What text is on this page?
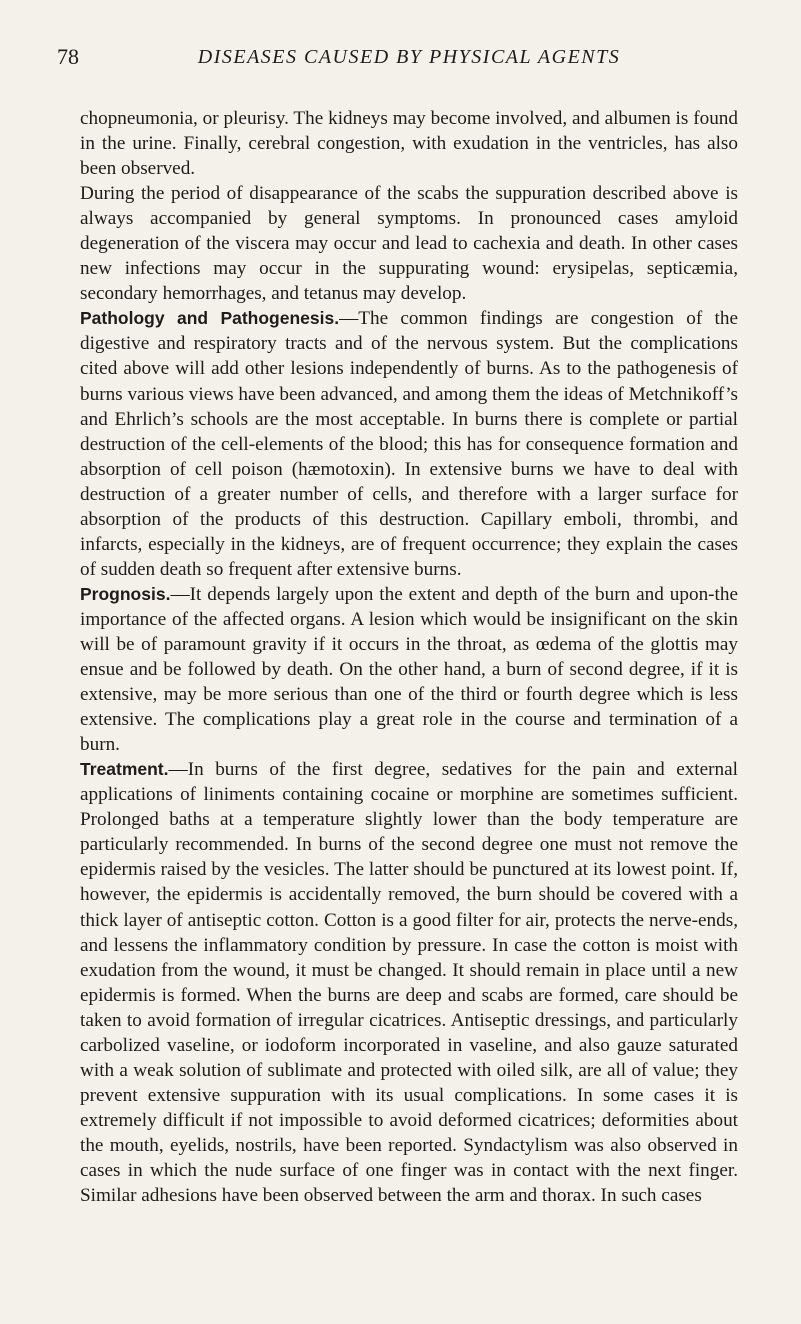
78	DISEASES CAUSED BY PHYSICAL AGENTS

chopneumonia, or pleurisy. The kidneys may become involved, and albumen is found in the urine. Finally, cerebral congestion, with exudation in the ventricles, has also been observed.

During the period of disappearance of the scabs the suppuration described above is always accompanied by general symptoms. In pronounced cases amyloid degeneration of the viscera may occur and lead to cachexia and death. In other cases new infections may occur in the suppurating wound: erysipelas, septicæmia, secondary hemorrhages, and tetanus may develop.

Pathology and Pathogenesis.—The common findings are congestion of the digestive and respiratory tracts and of the nervous system. But the complications cited above will add other lesions independently of burns. As to the pathogenesis of burns various views have been advanced, and among them the ideas of Metchnikoff’s and Ehrlich’s schools are the most acceptable. In burns there is complete or partial destruction of the cell-elements of the blood; this has for consequence formation and absorption of cell poison (hæmotoxin). In extensive burns we have to deal with destruction of a greater number of cells, and therefore with a larger surface for absorption of the products of this destruction. Capillary emboli, thrombi, and infarcts, especially in the kidneys, are of frequent occurrence; they explain the cases of sudden death so frequent after extensive burns.

Prognosis.—It depends largely upon the extent and depth of the burn and upon-the importance of the affected organs. A lesion which would be insignificant on the skin will be of paramount gravity if it occurs in the throat, as œdema of the glottis may ensue and be followed by death. On the other hand, a burn of second degree, if it is extensive, may be more serious than one of the third or fourth degree which is less extensive. The complications play a great role in the course and termination of a burn.

Treatment.—In burns of the first degree, sedatives for the pain and external applications of liniments containing cocaine or morphine are sometimes sufficient. Prolonged baths at a temperature slightly lower than the body temperature are particularly recommended. In burns of the second degree one must not remove the epidermis raised by the vesicles. The latter should be punctured at its lowest point. If, however, the epidermis is accidentally removed, the burn should be covered with a thick layer of antiseptic cotton. Cotton is a good filter for air, protects the nerve-ends, and lessens the inflammatory condition by pressure. In case the cotton is moist with exudation from the wound, it must be changed. It should remain in place until a new epidermis is formed. When the burns are deep and scabs are formed, care should be taken to avoid formation of irregular cicatrices. Antiseptic dressings, and particularly carbolized vaseline, or iodoform incorporated in vaseline, and also gauze saturated with a weak solution of sublimate and protected with oiled silk, are all of value; they prevent extensive suppuration with its usual complications. In some cases it is extremely difficult if not impossible to avoid deformed cicatrices; deformities about the mouth, eyelids, nostrils, have been reported. Syndactylism was also observed in cases in which the nude surface of one finger was in contact with the next finger. Similar adhesions have been observed between the arm and thorax. In such cases
